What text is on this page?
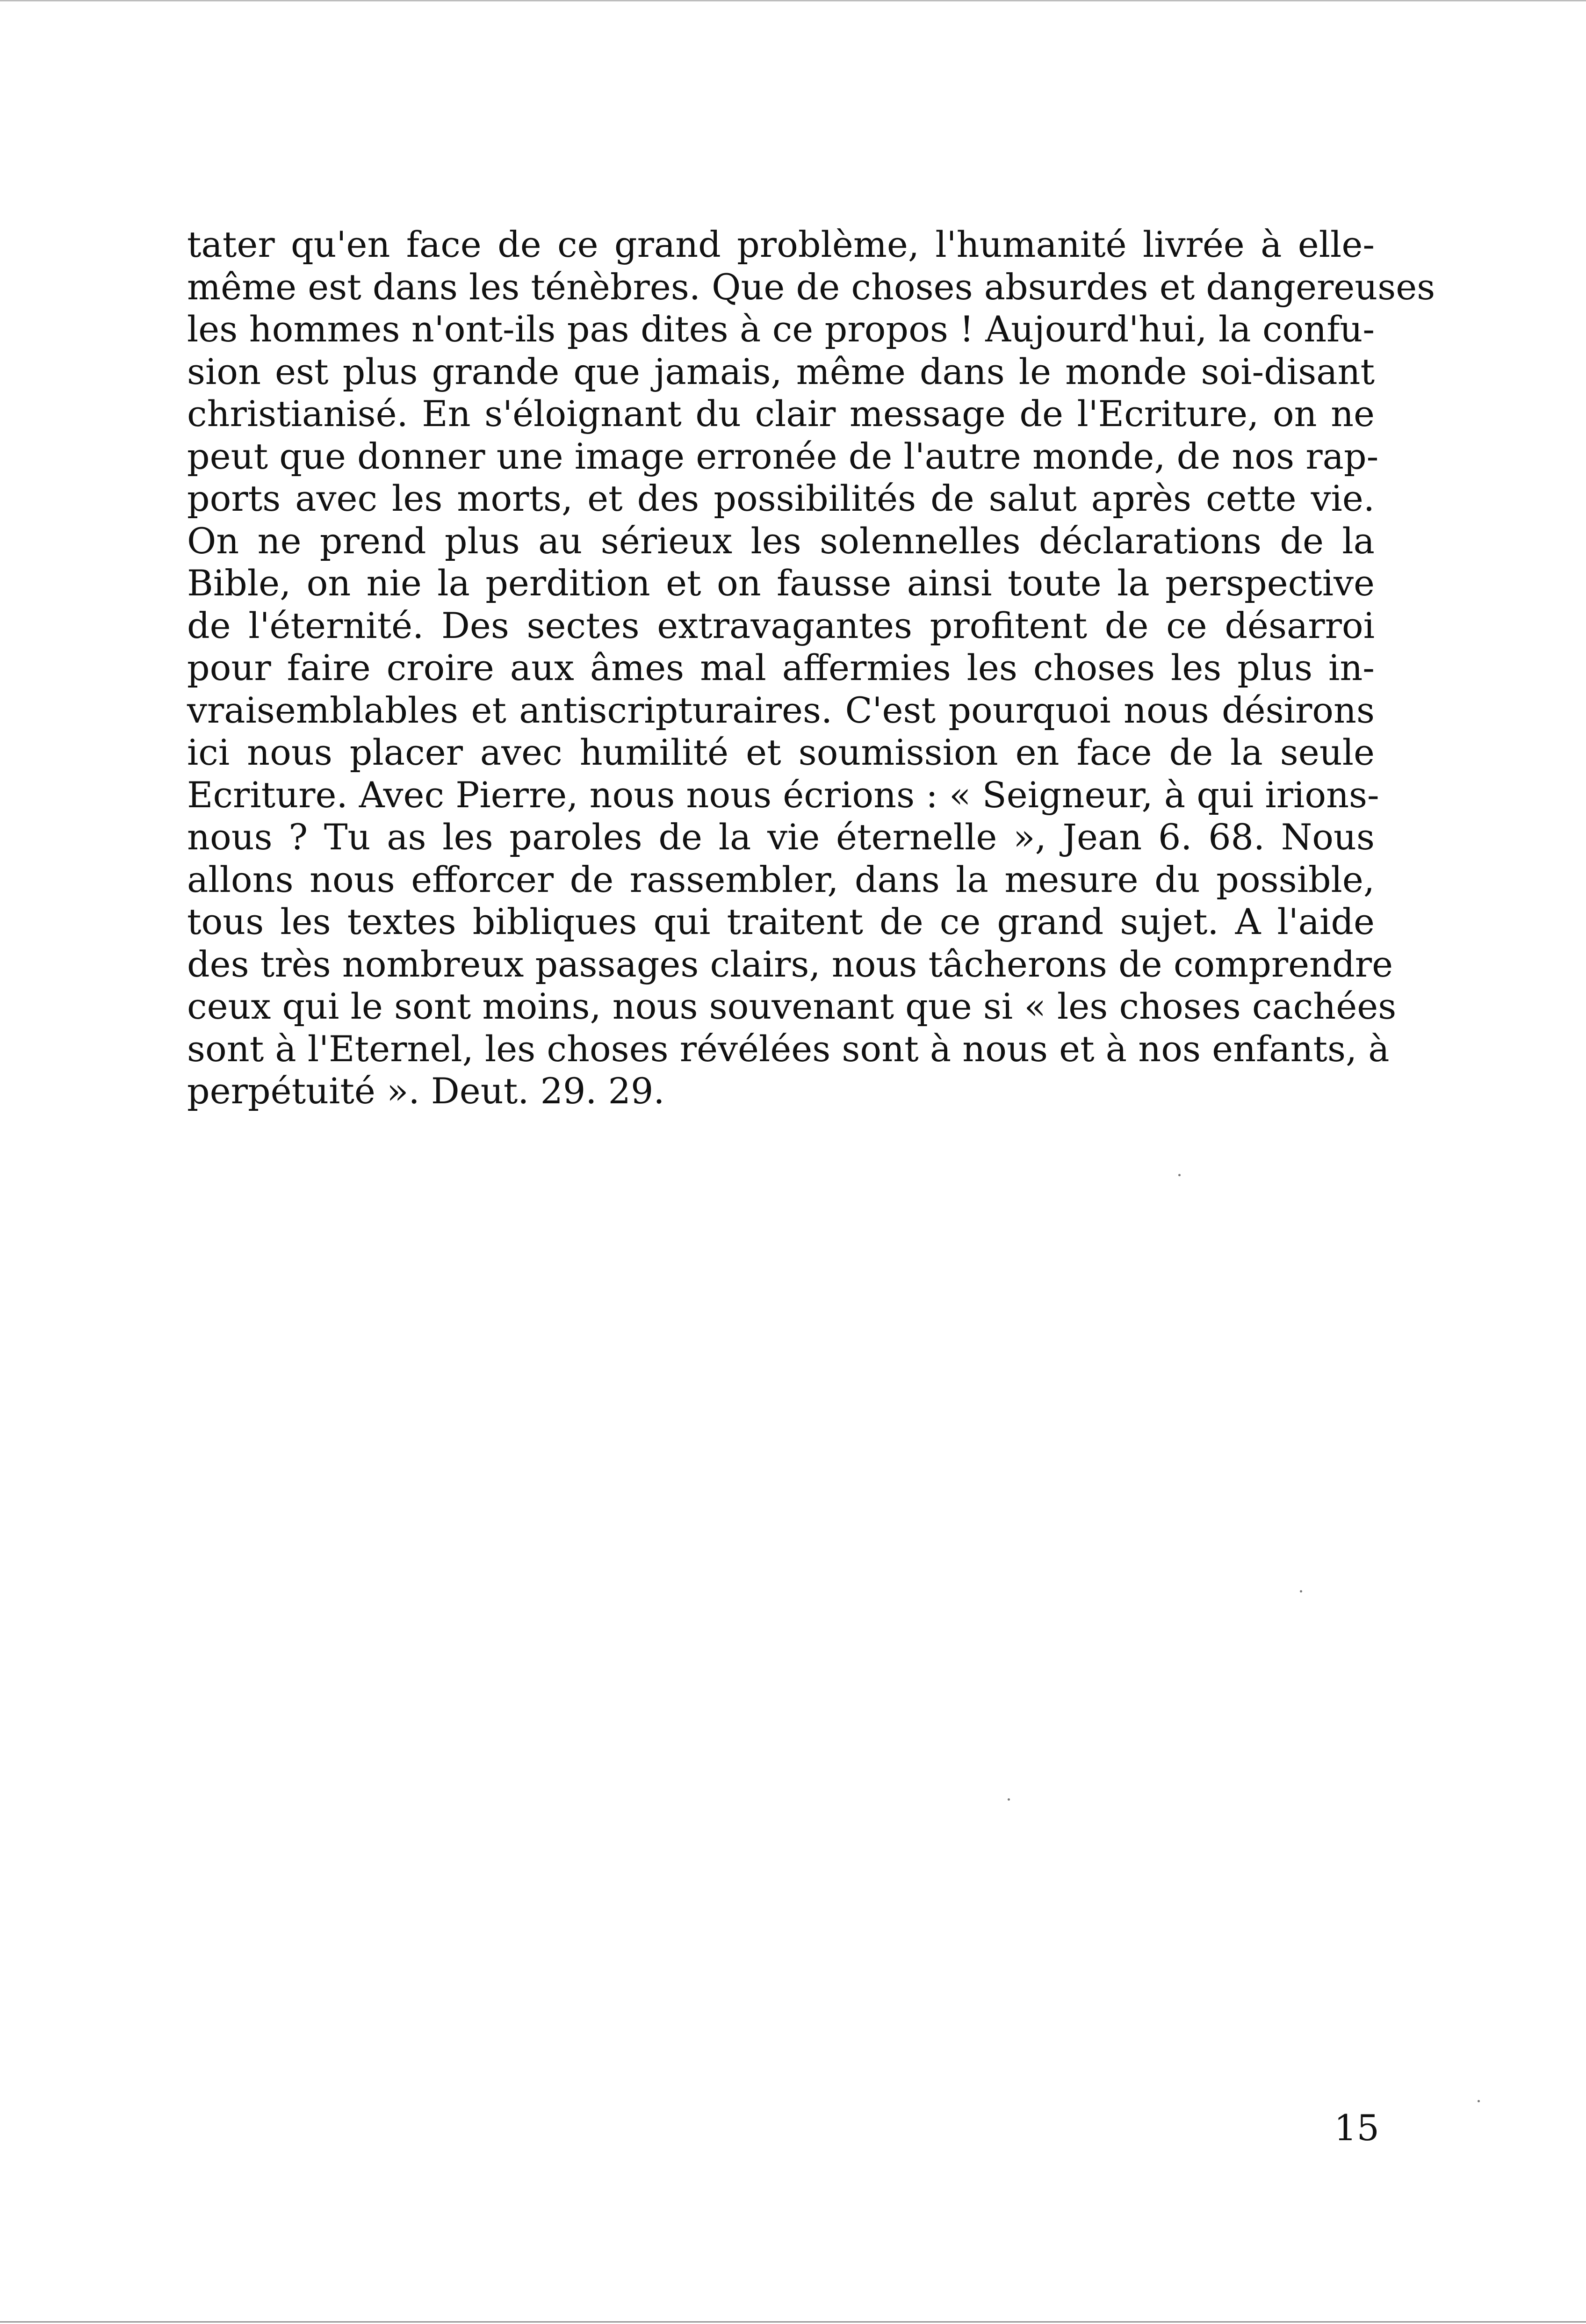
tater qu'en face de ce grand problème, l'humanité livrée à elle-
même est dans les ténèbres. Que de choses absurdes et dangereuses
les hommes n'ont-ils pas dites à ce propos ! Aujourd'hui, la confu-
sion est plus grande que jamais, même dans le monde soi-disant
christianisé. En s'éloignant du clair message de l'Ecriture, on ne
peut que donner une image erronée de l'autre monde, de nos rap-
ports avec les morts, et des possibilités de salut après cette vie.
On ne prend plus au sérieux les solennelles déclarations de la
Bible, on nie la perdition et on fausse ainsi toute la perspective
de l'éternité. Des sectes extravagantes profitent de ce désarroi
pour faire croire aux âmes mal affermies les choses les plus in-
vraisemblables et antiscripturaires. C'est pourquoi nous désirons
ici nous placer avec humilité et soumission en face de la seule
Ecriture. Avec Pierre, nous nous écrions : « Seigneur, à qui irions-
nous ? Tu as les paroles de la vie éternelle », Jean 6. 68. Nous
allons nous efforcer de rassembler, dans la mesure du possible,
tous les textes bibliques qui traitent de ce grand sujet. A l'aide
des très nombreux passages clairs, nous tâcherons de comprendre
ceux qui le sont moins, nous souvenant que si « les choses cachées
sont à l'Eternel, les choses révélées sont à nous et à nos enfants, à
perpétuité ». Deut. 29. 29.
15
